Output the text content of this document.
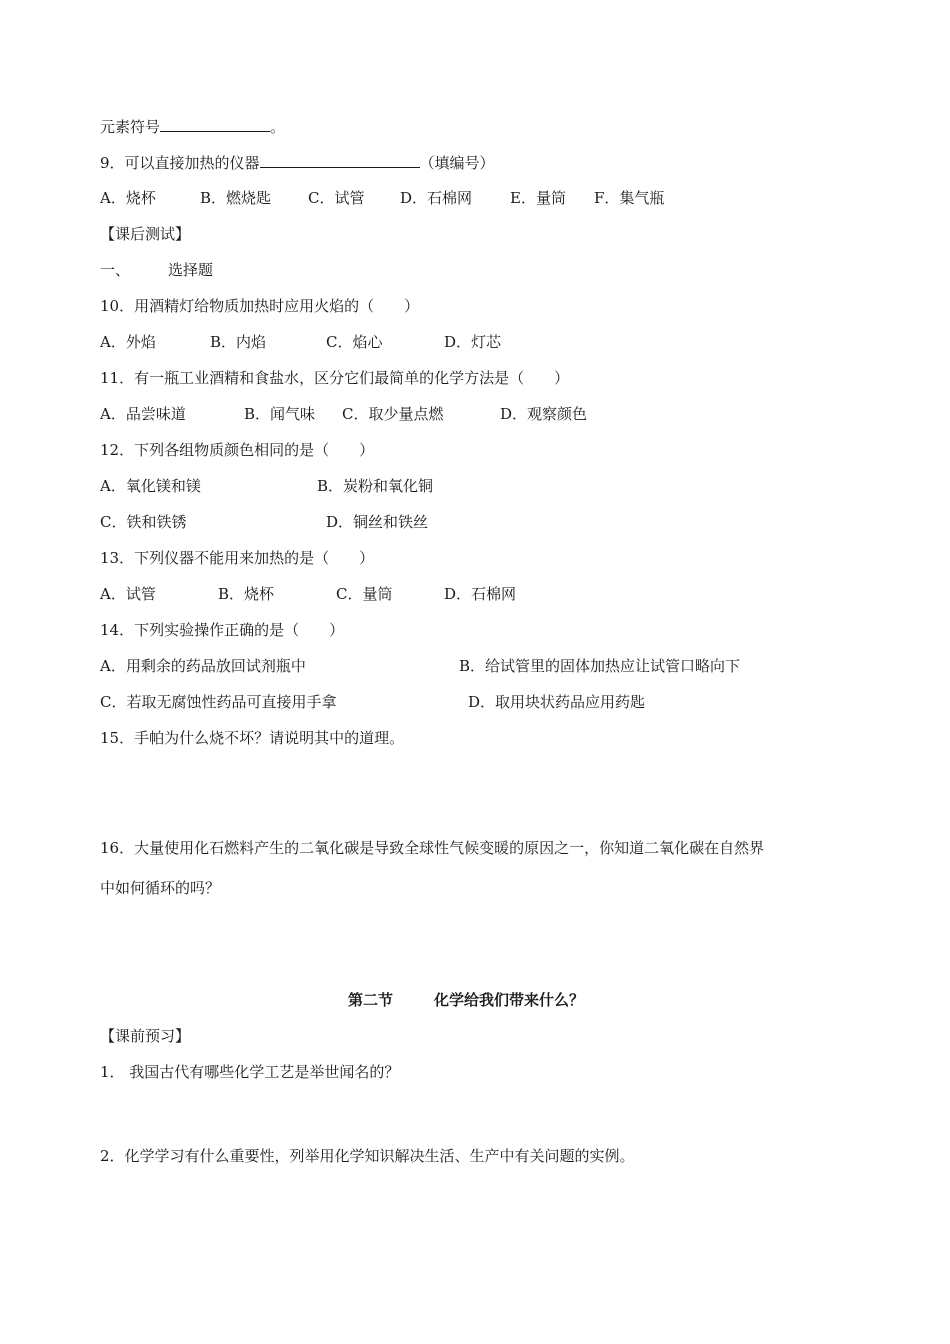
元素符号	。
9．可以直接加热的仪器	（填编号）
A．烧杯	B．燃烧匙 C．试管 D．石棉网	E．量筒 F．集气瓶
【课后测试】
一、	选择题
10．用酒精灯给物质加热时应用火焰的（　　）
A．外焰	B．内焰	C．焰心	D．灯芯
11．有一瓶工业酒精和食盐水，区分它们最简单的化学方法是（　　）
A．品尝味道	B．闻气味 C．取少量点燃	D．观察颜色
12．下列各组物质颜色相同的是（　　）
A．氧化镁和镁	B．炭粉和氧化铜
C．铁和铁锈	D．铜丝和铁丝
13．下列仪器不能用来加热的是（　　）
A．试管	B．烧杯	C．量筒	D．石棉网
14．下列实验操作正确的是（　　）
A．用剩余的药品放回试剂瓶中	B．给试管里的固体加热应让试管口略向下
C．若取无腐蚀性药品可直接用手拿	D．取用块状药品应用药匙
15．手帕为什么烧不坏？请说明其中的道理。
16．大量使用化石燃料产生的二氧化碳是导致全球性气候变暖的原因之一，你知道二氧化碳在自然界
中如何循环的吗？
第二节	化学给我们带来什么？
【课前预习】
1． 我国古代有哪些化学工艺是举世闻名的？
2．化学学习有什么重要性，列举用化学知识解决生活、生产中有关问题的实例。
